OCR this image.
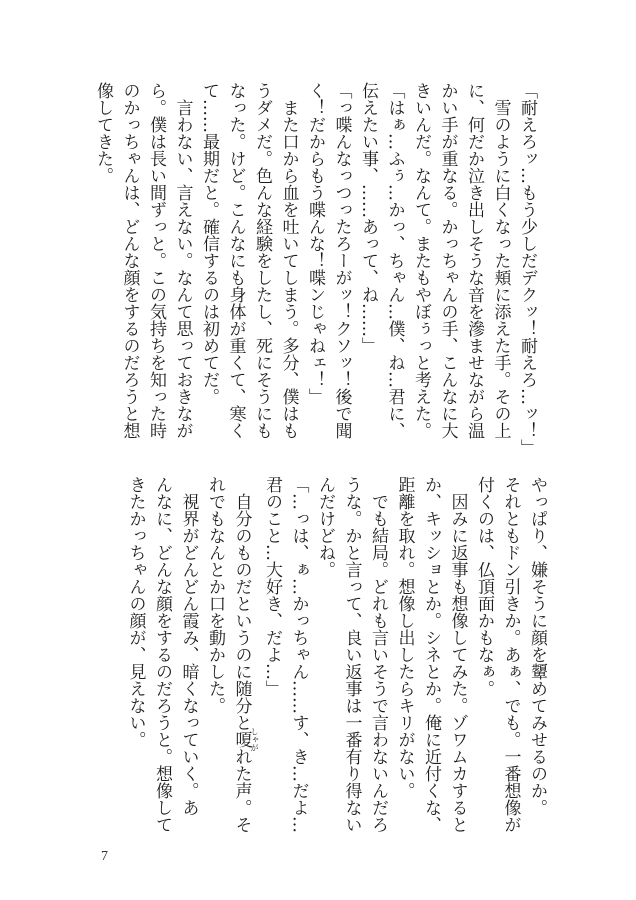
「耐えろッ…もう少しだデクッ！耐えろ…ッ！」
　雪のように白くなった頬に添えた手。その上
に、何だか泣き出しそうな音を滲ませながら温
かい手が重なる。かっちゃんの手、こんなに大
きいんだ。なんて。またもやぼぅっと考えた。
「はぁ…ふぅ…かっ、ちゃん…僕、ね…君に、
伝えたい事、……あって、ね……」
「っ喋んなっつったろーがッ！クソッ！後で聞
く！だからもう喋んな！喋ンじゃねェ！」
　また口から血を吐いてしまう。多分、僕はも
うダメだ。色んな経験をしたし、死にそうにも
なった。けど。こんなにも身体が重くて、寒く
て……最期だと。確信するのは初めてだ。
　言わない、言えない。なんて思っておきなが
ら。僕は長い間ずっと。この気持ちを知った時
のかっちゃんは、どんな顔をするのだろうと想
像してきた。
やっぱり、嫌そうに顔を顰めてみせるのか。
それともドン引きか。あぁ、でも。一番想像が
付くのは、仏頂面かもなぁ。
　因みに返事も想像してみた。ゾワムカすると
か、キッショとか。シネとか。俺に近付くな、
距離を取れ。想像し出したらキリがない。
　でも結局。どれも言いそうで言わないんだろ
うな。かと言って、良い返事は一番有り得ない
んだけどね。
「…っは、ぁ…かっちゃん……す、き…だよ…
君のこと…大好き、だよ…」
　自分のものだというのに随分と嗄しゃがれた声。そ
れでもなんとか口を動かした。
　視界がどんどん霞み、暗くなっていく。あ
んなに、どんな顔をするのだろうと。想像して
きたかっちゃんの顔が、見えない。
7
